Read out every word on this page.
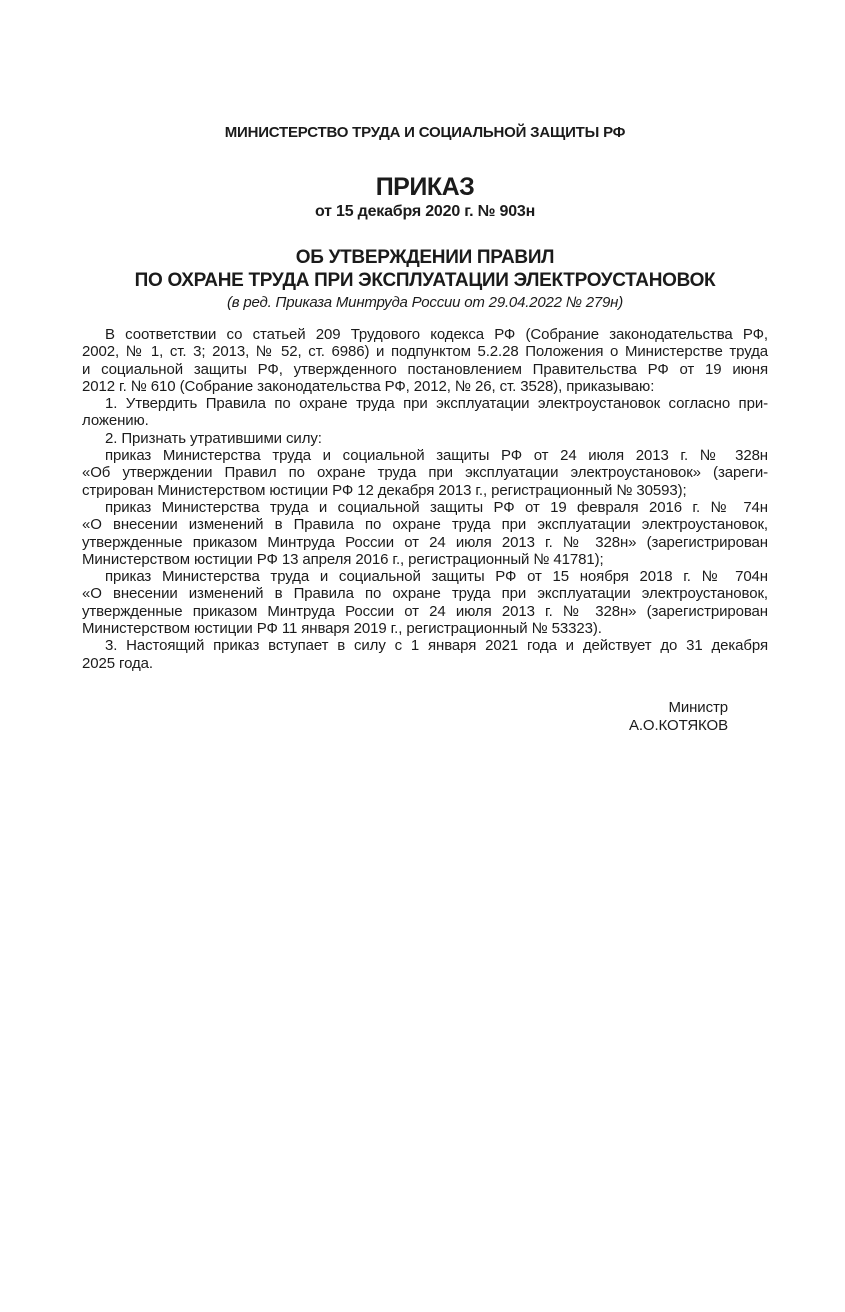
МИНИСТЕРСТВО ТРУДА И СОЦИАЛЬНОЙ ЗАЩИТЫ РФ
ПРИКАЗ
от 15 декабря 2020 г. № 903н
ОБ УТВЕРЖДЕНИИ ПРАВИЛ
ПО ОХРАНЕ ТРУДА ПРИ ЭКСПЛУАТАЦИИ ЭЛЕКТРОУСТАНОВОК
(в ред. Приказа Минтруда России от 29.04.2022 № 279н)
В соответствии со статьей 209 Трудового кодекса РФ (Собрание законодательства РФ,
2002, № 1, ст. 3; 2013, № 52, ст. 6986) и подпунктом 5.2.28 Положения о Министерстве труда
и социальной защиты РФ, утвержденного постановлением Правительства РФ от 19 июня
2012 г. № 610 (Собрание законодательства РФ, 2012, № 26, ст. 3528), приказываю:
1. Утвердить Правила по охране труда при эксплуатации электроустановок согласно при-
ложению.
2. Признать утратившими силу:
приказ Министерства труда и социальной защиты РФ от 24 июля 2013 г. № 328н
«Об утверждении Правил по охране труда при эксплуатации электроустановок» (зареги-
стрирован Министерством юстиции РФ 12 декабря 2013 г., регистрационный № 30593);
приказ Министерства труда и социальной защиты РФ от 19 февраля 2016 г. № 74н
«О внесении изменений в Правила по охране труда при эксплуатации электроустановок,
утвержденные приказом Минтруда России от 24 июля 2013 г. № 328н» (зарегистрирован
Министерством юстиции РФ 13 апреля 2016 г., регистрационный № 41781);
приказ Министерства труда и социальной защиты РФ от 15 ноября 2018 г. № 704н
«О внесении изменений в Правила по охране труда при эксплуатации электроустановок,
утвержденные приказом Минтруда России от 24 июля 2013 г. № 328н» (зарегистрирован
Министерством юстиции РФ 11 января 2019 г., регистрационный № 53323).
3. Настоящий приказ вступает в силу с 1 января 2021 года и действует до 31 декабря
2025 года.
Министр
А.О.КОТЯКОВ
